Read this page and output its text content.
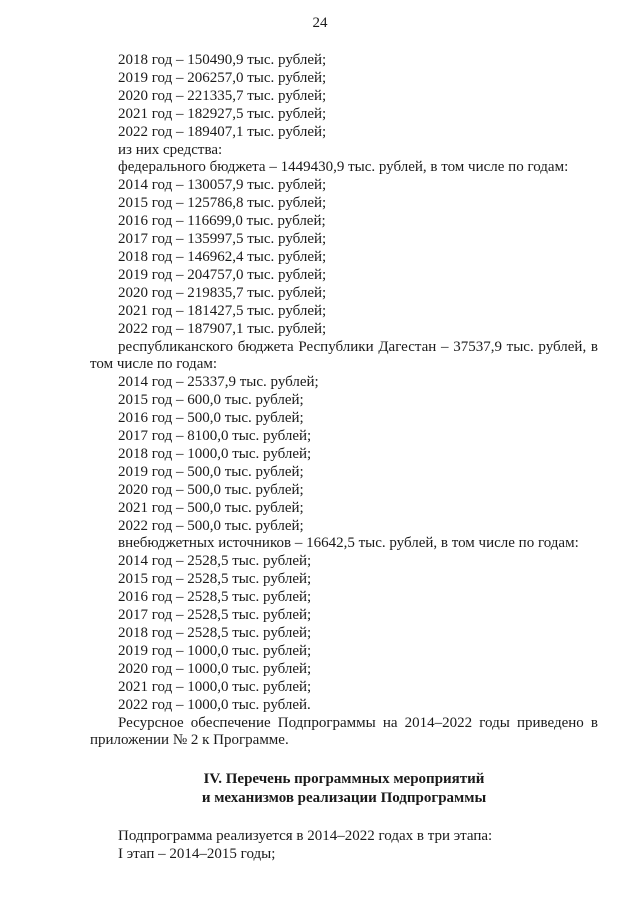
24
2018 год – 150490,9 тыс. рублей;
2019 год – 206257,0 тыс. рублей;
2020 год – 221335,7 тыс. рублей;
2021 год – 182927,5 тыс. рублей;
2022 год – 189407,1 тыс. рублей;
из них средства:
федерального бюджета – 1449430,9 тыс. рублей, в том числе по годам:
2014 год – 130057,9 тыс. рублей;
2015 год – 125786,8 тыс. рублей;
2016 год – 116699,0 тыс. рублей;
2017 год – 135997,5 тыс. рублей;
2018 год – 146962,4 тыс. рублей;
2019 год – 204757,0 тыс. рублей;
2020 год – 219835,7 тыс. рублей;
2021 год – 181427,5 тыс. рублей;
2022 год – 187907,1 тыс. рублей;
республиканского бюджета Республики Дагестан – 37537,9 тыс. рублей, в том числе по годам:
2014 год – 25337,9 тыс. рублей;
2015 год – 600,0 тыс. рублей;
2016 год – 500,0 тыс. рублей;
2017 год – 8100,0 тыс. рублей;
2018 год – 1000,0 тыс. рублей;
2019 год – 500,0 тыс. рублей;
2020 год – 500,0 тыс. рублей;
2021 год – 500,0 тыс. рублей;
2022 год – 500,0 тыс. рублей;
внебюджетных источников – 16642,5 тыс. рублей, в том числе по годам:
2014 год – 2528,5 тыс. рублей;
2015 год – 2528,5 тыс. рублей;
2016 год – 2528,5 тыс. рублей;
2017 год – 2528,5 тыс. рублей;
2018 год – 2528,5 тыс. рублей;
2019 год – 1000,0 тыс. рублей;
2020 год – 1000,0 тыс. рублей;
2021 год – 1000,0 тыс. рублей;
2022 год – 1000,0 тыс. рублей.
Ресурсное обеспечение Подпрограммы на 2014–2022 годы приведено в приложении № 2 к Программе.
IV. Перечень программных мероприятий
и механизмов реализации Подпрограммы
Подпрограмма реализуется в 2014–2022 годах в три этапа:
I этап – 2014–2015 годы;
